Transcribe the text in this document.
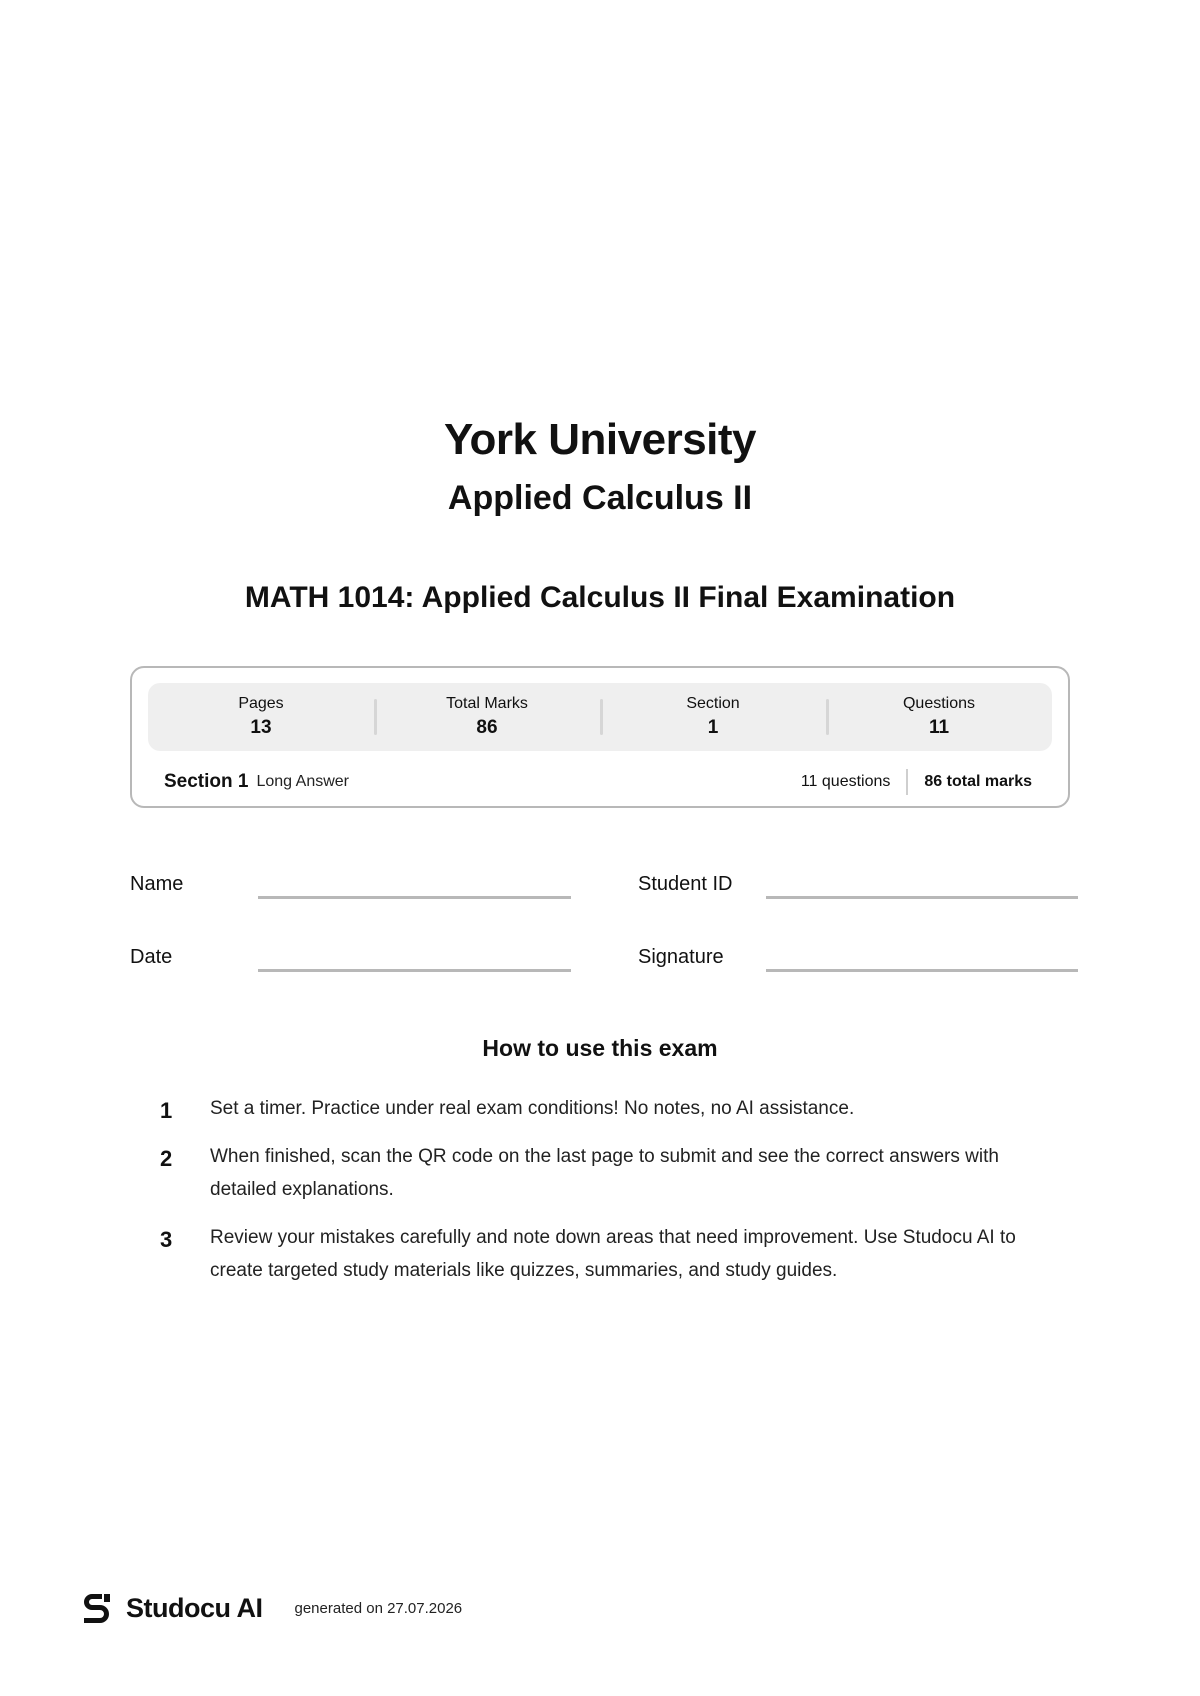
York University
Applied Calculus II
MATH 1014: Applied Calculus II Final Examination
Pages
13
Total Marks
86
Section
1
Questions
11
Section 1 Long Answer	11 questions 86 total marks
Name	Student ID
Date	Signature
How to use this exam
1	Set a timer. Practice under real exam conditions! No notes, no AI assistance.
2	When finished, scan the QR code on the last page to submit and see the correct answers with detailed explanations.
3	Review your mistakes carefully and note down areas that need improvement. Use Studocu AI to create targeted study materials like quizzes, summaries, and study guides.
Studocu AI generated on 27.07.2026
